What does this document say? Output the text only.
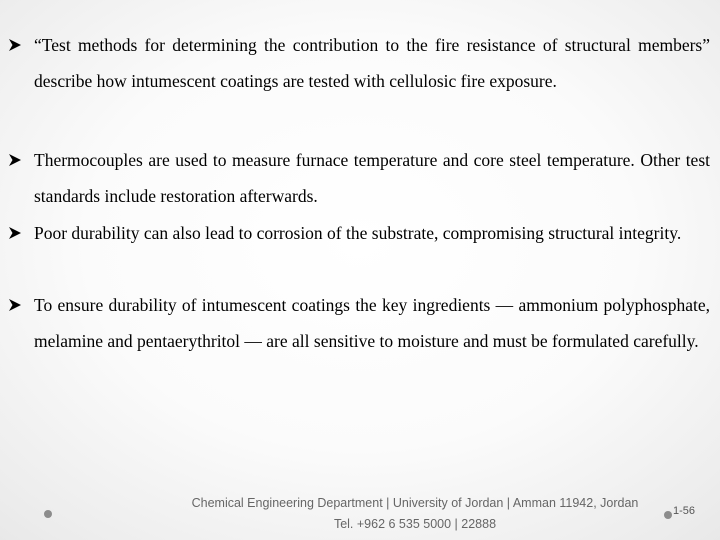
“Test methods for determining the contribution to the fire resistance of structural members” describe how intumescent coatings are tested with cellulosic fire exposure.
Thermocouples are used to measure furnace temperature and core steel temperature. Other test standards include restoration afterwards.
Poor durability can also lead to corrosion of the substrate, compromising structural integrity.
To ensure durability of intumescent coatings the key ingredients — ammonium polyphosphate, melamine and pentaerythritol — are all sensitive to moisture and must be formulated carefully.
Chemical Engineering Department | University of Jordan | Amman 11942, Jordan
Tel. +962 6 535 5000 | 22888
1-56
